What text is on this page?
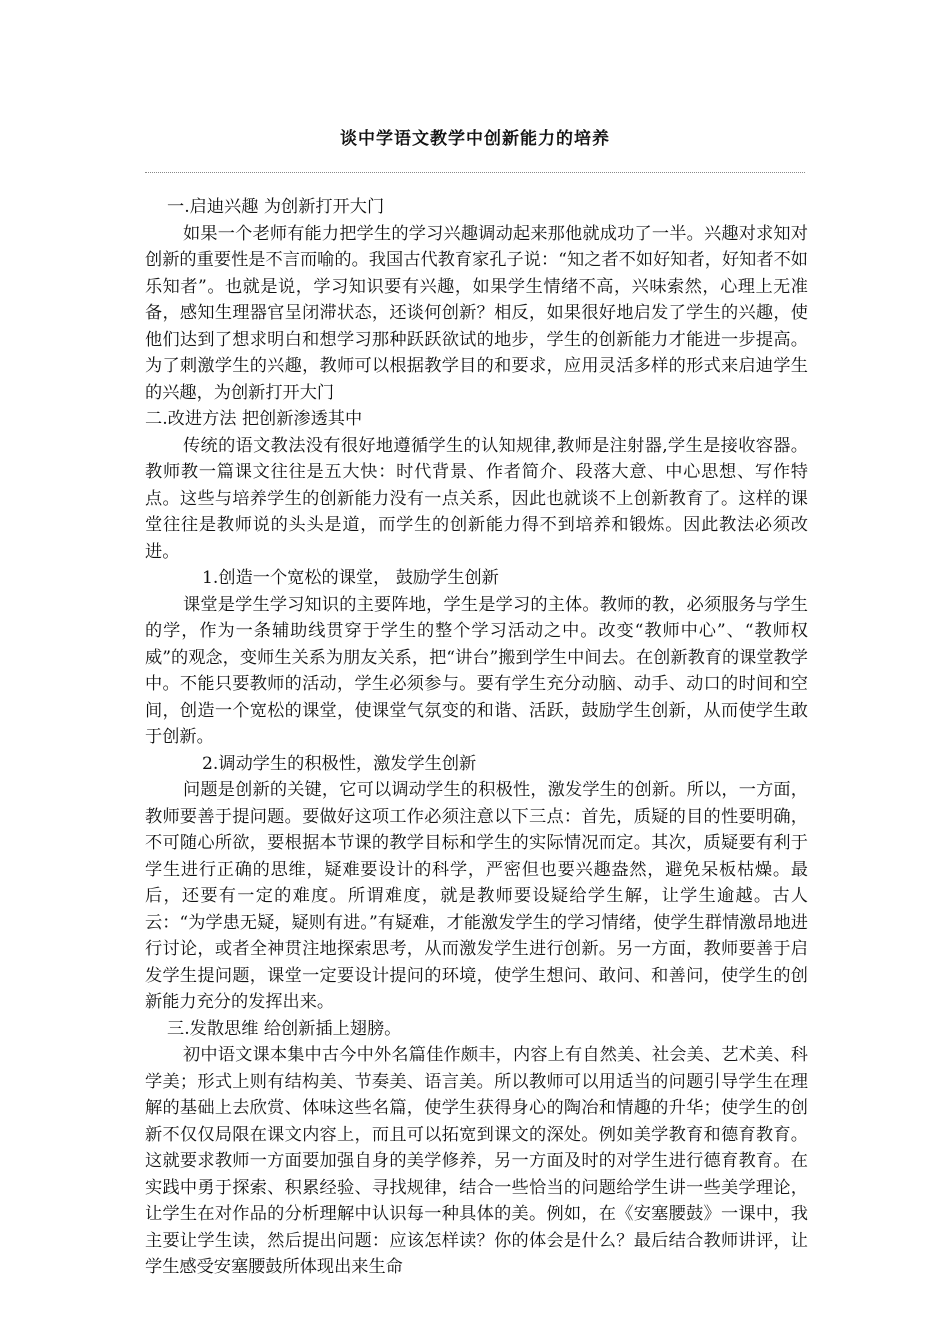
谈中学语文教学中创新能力的培养

一.启迪兴趣 为创新打开大门

如果一个老师有能力把学生的学习兴趣调动起来那他就成功了一半。兴趣对求知对创新的重要性是不言而喻的。我国古代教育家孔子说：“知之者不如好知者，好知者不如乐知者”。也就是说，学习知识要有兴趣，如果学生情绪不高，兴味索然，心理上无准备，感知生理器官呈闭滞状态，还谈何创新？相反，如果很好地启发了学生的兴趣，使他们达到了想求明白和想学习那种跃跃欲试的地步，学生的创新能力才能进一步提高。为了刺激学生的兴趣，教师可以根据教学目的和要求，应用灵活多样的形式来启迪学生的兴趣，为创新打开大门

二.改进方法 把创新渗透其中

传统的语文教法没有很好地遵循学生的认知规律,教师是注射器,学生是接收容器。教师教一篇课文往往是五大快：时代背景、作者简介、段落大意、中心思想、写作特点。这些与培养学生的创新能力没有一点关系，因此也就谈不上创新教育了。这样的课堂往往是教师说的头头是道，而学生的创新能力得不到培养和锻炼。因此教法必须改进。

1.创造一个宽松的课堂， 鼓励学生创新

课堂是学生学习知识的主要阵地，学生是学习的主体。教师的教，必须服务与学生的学，作为一条辅助线贯穿于学生的整个学习活动之中。改变“教师中心”、“教师权威”的观念，变师生关系为朋友关系，把“讲台”搬到学生中间去。在创新教育的课堂教学中。不能只要教师的活动，学生必须参与。要有学生充分动脑、动手、动口的时间和空间，创造一个宽松的课堂，使课堂气氛变的和谐、活跃，鼓励学生创新，从而使学生敢于创新。

2.调动学生的积极性，激发学生创新

问题是创新的关键，它可以调动学生的积极性，激发学生的创新。所以，一方面，教师要善于提问题。要做好这项工作必须注意以下三点：首先，质疑的目的性要明确，不可随心所欲，要根据本节课的教学目标和学生的实际情况而定。其次，质疑要有利于学生进行正确的思维，疑难要设计的科学，严密但也要兴趣盎然，避免呆板枯燥。最后，还要有一定的难度。所谓难度，就是教师要设疑给学生解，让学生逾越。古人云：“为学患无疑，疑则有进。”有疑难，才能激发学生的学习情绪，使学生群情激昂地进行讨论，或者全神贯注地探索思考，从而激发学生进行创新。另一方面，教师要善于启发学生提问题，课堂一定要设计提问的环境，使学生想问、敢问、和善问，使学生的创新能力充分的发挥出来。

三.发散思维 给创新插上翅膀。

初中语文课本集中古今中外名篇佳作颇丰，内容上有自然美、社会美、艺术美、科学美；形式上则有结构美、节奏美、语言美。所以教师可以用适当的问题引导学生在理解的基础上去欣赏、体味这些名篇，使学生获得身心的陶冶和情趣的升华；使学生的创新不仅仅局限在课文内容上，而且可以拓宽到课文的深处。例如美学教育和德育教育。这就要求教师一方面要加强自身的美学修养，另一方面及时的对学生进行德育教育。在实践中勇于探索、积累经验、寻找规律，结合一些恰当的问题给学生讲一些美学理论，让学生在对作品的分析理解中认识每一种具体的美。例如，在《安塞腰鼓》一课中，我主要让学生读，然后提出问题：应该怎样读？你的体会是什么？最后结合教师讲评，让学生感受安塞腰鼓所体现出来生命
